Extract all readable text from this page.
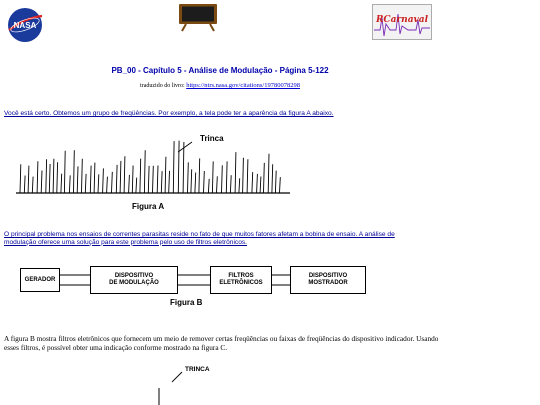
NASA
RCarnaval
PB_00 - Capítulo 5 - Análise de Modulação - Página 5-122
traduzido do livro: https://ntrs.nasa.gov/citations/19780078298
Você está certo. Obtemos um grupo de freqüências. Por exemplo, a tela pode ter a aparência da figura A abaixo.
Trinca
Figura A
O principal problema nos ensaios de correntes parasitas reside no fato de que muitos fatores afetam a bobina de ensaio. A análise de modulação oferece uma solução para este problema pelo uso de filtros eletrônicos.
GERADOR
DISPOSITIVO
DE MODULAÇÃO
FILTROS
ELETRÔNICOS
DISPOSITIVO
MOSTRADOR
Figura B
A figura B mostra filtros eletrônicos que fornecem um meio de remover certas freqüências ou faixas de freqüências do dispositivo indicador. Usando esses filtros, é possível obter uma indicação conforme mostrado na figura C.
TRINCA
